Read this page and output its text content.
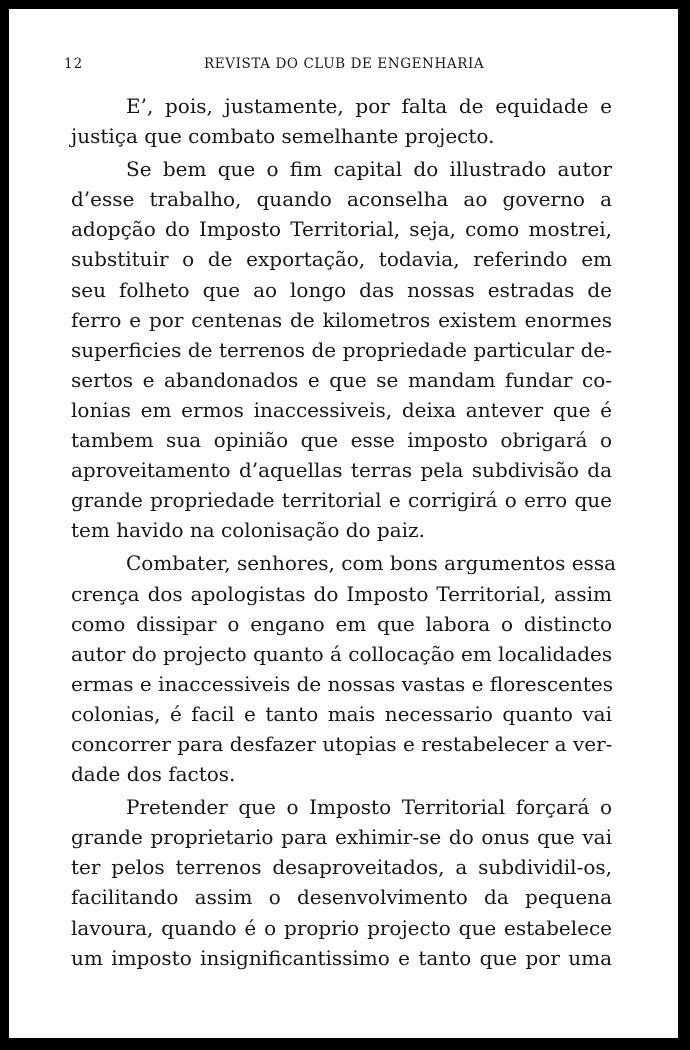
12	REVISTA DO CLUB DE ENGENHARIA
E’, pois, justamente, por falta de equidade e
justiça que combato semelhante projecto.
Se bem que o fim capital do illustrado autor
d’esse trabalho, quando aconselha ao governo a
adopção do Imposto Territorial, seja, como mostrei,
substituir o de exportação, todavia, referindo em
seu folheto que ao longo das nossas estradas de
ferro e por centenas de kilometros existem enormes
superficies de terrenos de propriedade particular de-
sertos e abandonados e que se mandam fundar co-
lonias em ermos inaccessiveis, deixa antever que é
tambem sua opinião que esse imposto obrigará o
aproveitamento d’aquellas terras pela subdivisão da
grande propriedade territorial e corrigirá o erro que
tem havido na colonisação do paiz.
Combater, senhores, com bons argumentos essa
crença dos apologistas do Imposto Territorial, assim
como dissipar o engano em que labora o distincto
autor do projecto quanto á collocação em localidades
ermas e inaccessiveis de nossas vastas e florescentes
colonias, é facil e tanto mais necessario quanto vai
concorrer para desfazer utopias e restabelecer a ver-
dade dos factos.
Pretender que o Imposto Territorial forçará o
grande proprietario para exhimir-se do onus que vai
ter pelos terrenos desaproveitados, a subdividil-os,
facilitando assim o desenvolvimento da pequena
lavoura, quando é o proprio projecto que estabelece
um imposto insignificantissimo e tanto que por uma
